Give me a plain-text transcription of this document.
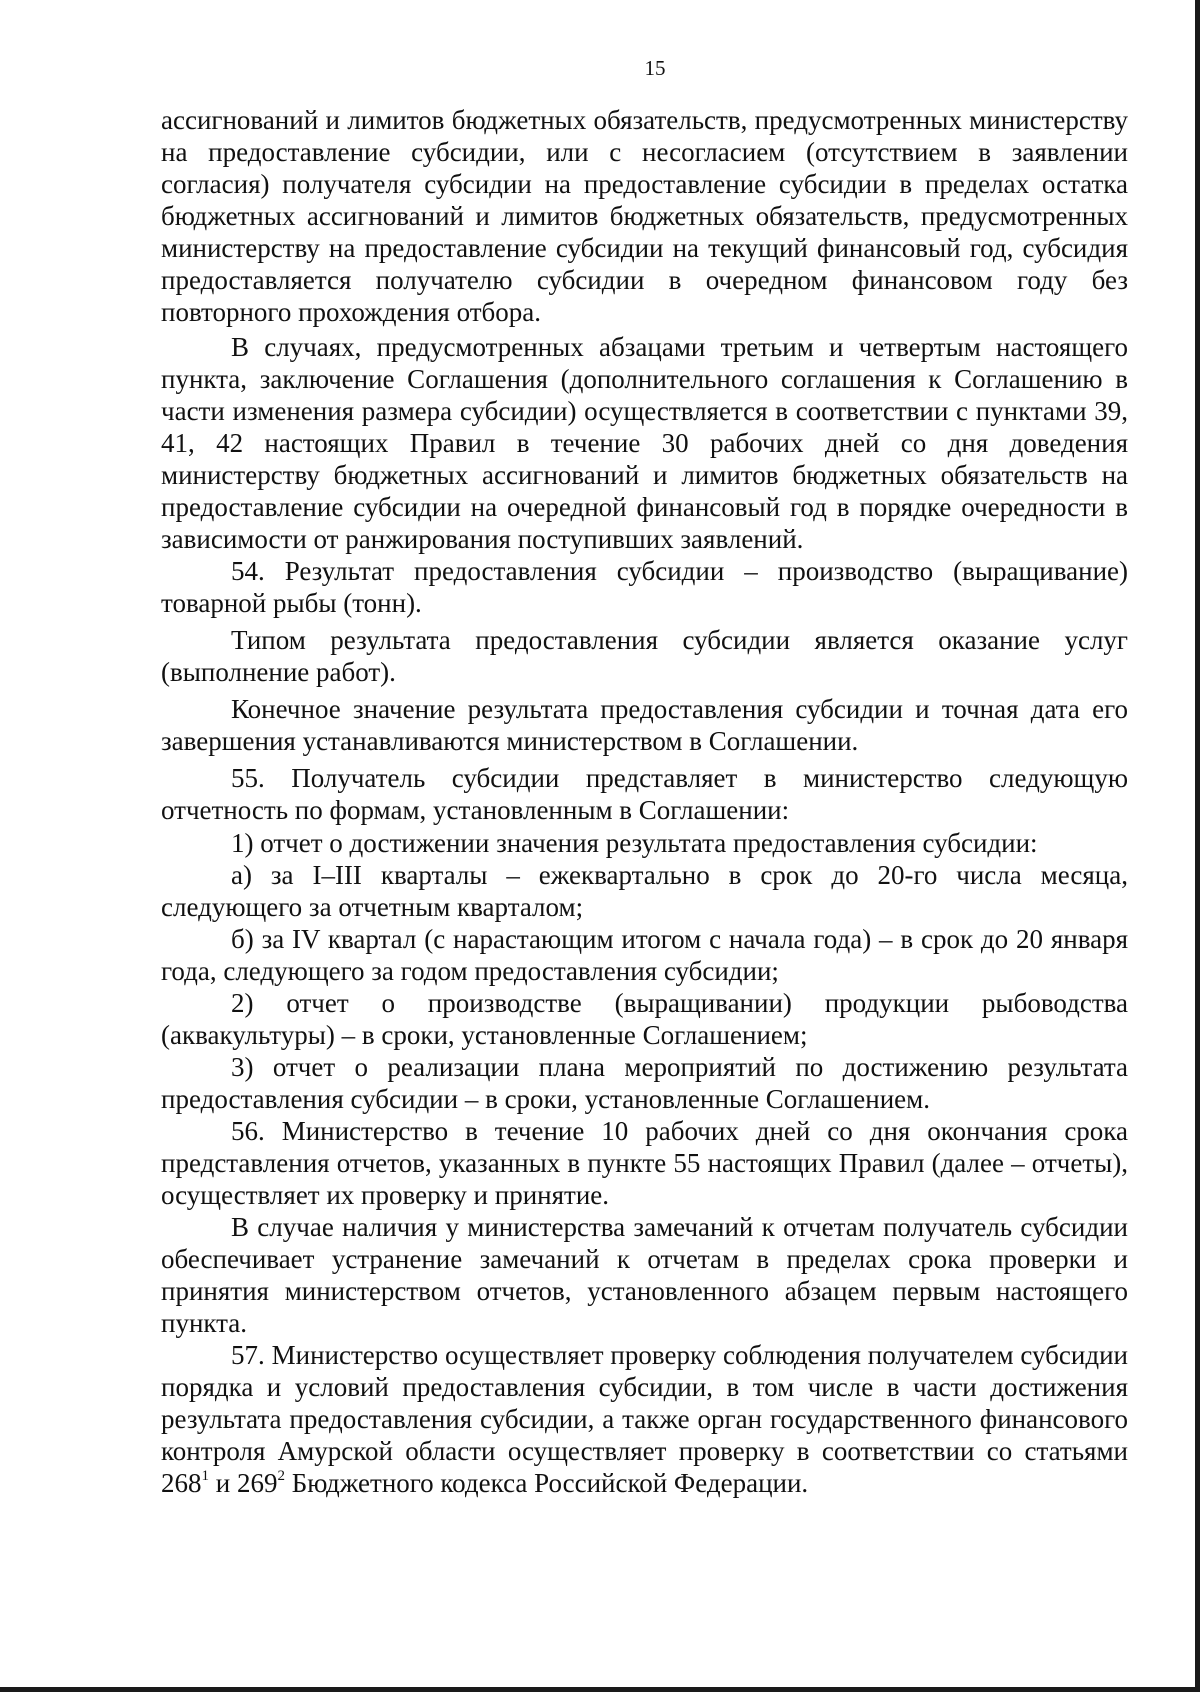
15

ассигнований и лимитов бюджетных обязательств, предусмотренных министерству на предоставление субсидии, или с несогласием (отсутствием в заявлении согласия) получателя субсидии на предоставление субсидии в пределах остатка бюджетных ассигнований и лимитов бюджетных обязательств, предусмотренных министерству на предоставление субсидии на текущий финансовый год, субсидия предоставляется получателю субсидии в очередном финансовом году без повторного прохождения отбора.

В случаях, предусмотренных абзацами третьим и четвертым настоящего пункта, заключение Соглашения (дополнительного соглашения к Соглашению в части изменения размера субсидии) осуществляется в соответствии с пунктами 39, 41, 42 настоящих Правил в течение 30 рабочих дней со дня доведения министерству бюджетных ассигнований и лимитов бюджетных обязательств на предоставление субсидии на очередной финансовый год в порядке очередности в зависимости от ранжирования поступивших заявлений.

54. Результат предоставления субсидии – производство (выращивание) товарной рыбы (тонн).

Типом результата предоставления субсидии является оказание услуг (выполнение работ).

Конечное значение результата предоставления субсидии и точная дата его завершения устанавливаются министерством в Соглашении.

55. Получатель субсидии представляет в министерство следующую отчетность по формам, установленным в Соглашении:

1) отчет о достижении значения результата предоставления субсидии:

а) за I–III кварталы – ежеквартально в срок до 20-го числа месяца, следующего за отчетным кварталом;

б) за IV квартал (с нарастающим итогом с начала года) – в срок до 20 января года, следующего за годом предоставления субсидии;

2) отчет о производстве (выращивании) продукции рыбоводства (аквакультуры) – в сроки, установленные Соглашением;

3) отчет о реализации плана мероприятий по достижению результата предоставления субсидии – в сроки, установленные Соглашением.

56. Министерство в течение 10 рабочих дней со дня окончания срока представления отчетов, указанных в пункте 55 настоящих Правил (далее – отчеты), осуществляет их проверку и принятие.

В случае наличия у министерства замечаний к отчетам получатель субсидии обеспечивает устранение замечаний к отчетам в пределах срока проверки и принятия министерством отчетов, установленного абзацем первым настоящего пункта.

57. Министерство осуществляет проверку соблюдения получателем субсидии порядка и условий предоставления субсидии, в том числе в части достижения результата предоставления субсидии, а также орган государственного финансового контроля Амурской области осуществляет проверку в соответствии со статьями $268^1$ и $269^2$ Бюджетного кодекса Российской Федерации.
